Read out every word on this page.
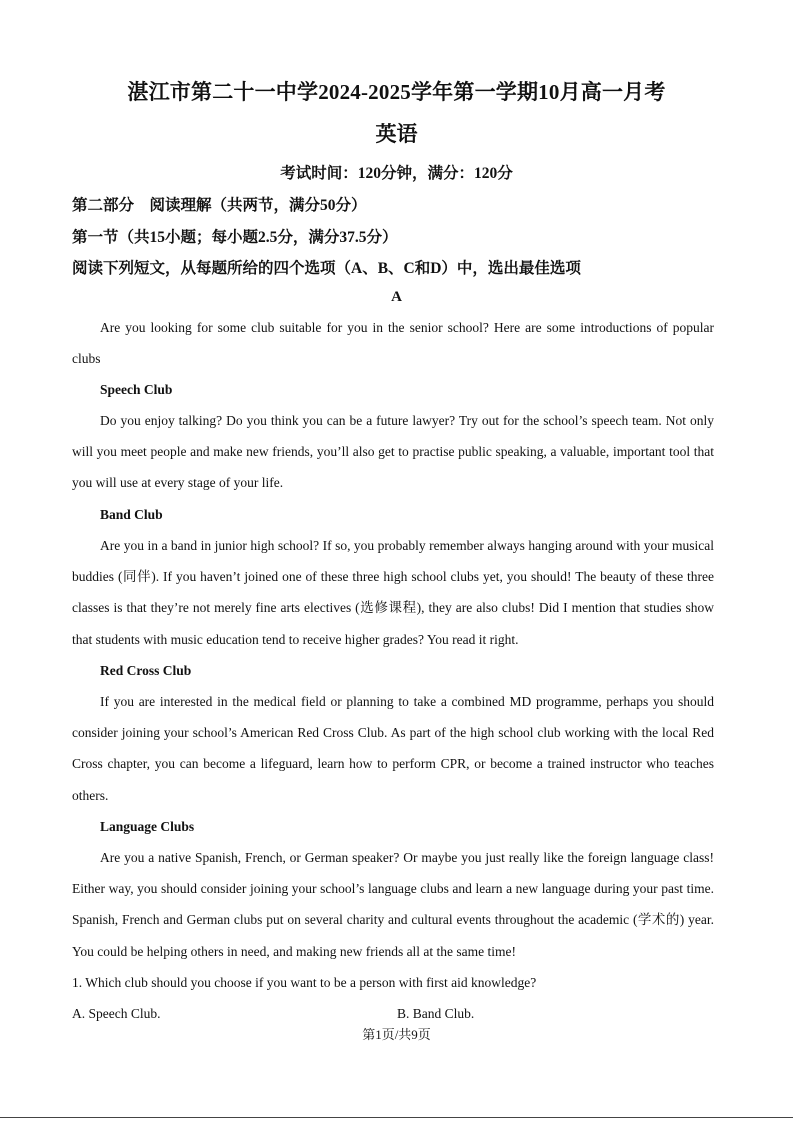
湛江市第二十一中学2024-2025学年第一学期10月高一月考
英语
考试时间：120分钟，满分：120分
第二部分　阅读理解（共两节，满分50分）
第一节（共15小题；每小题2.5分，满分37.5分）
阅读下列短文，从每题所给的四个选项（A、B、C和D）中，选出最佳选项
A
Are you looking for some club suitable for you in the senior school? Here are some introductions of popular clubs
Speech Club
Do you enjoy talking? Do you think you can be a future lawyer? Try out for the school’s speech team. Not only will you meet people and make new friends, you’ll also get to practise public speaking, a valuable, important tool that you will use at every stage of your life.
Band Club
Are you in a band in junior high school? If so, you probably remember always hanging around with your musical buddies (同伴). If you haven’t joined one of these three high school clubs yet, you should! The beauty of these three classes is that they’re not merely fine arts electives (选修课程), they are also clubs! Did I mention that studies show that students with music education tend to receive higher grades? You read it right.
Red Cross Club
If you are interested in the medical field or planning to take a combined MD programme, perhaps you should consider joining your school’s American Red Cross Club. As part of the high school club working with the local Red Cross chapter, you can become a lifeguard, learn how to perform CPR, or become a trained instructor who teaches others.
Language Clubs
Are you a native Spanish, French, or German speaker? Or maybe you just really like the foreign language class! Either way, you should consider joining your school’s language clubs and learn a new language during your past time. Spanish, French and German clubs put on several charity and cultural events throughout the academic (学术的) year. You could be helping others in need, and making new friends all at the same time!
1. Which club should you choose if you want to be a person with first aid knowledge?
A. Speech Club.	B. Band Club.
第1页/共9页
